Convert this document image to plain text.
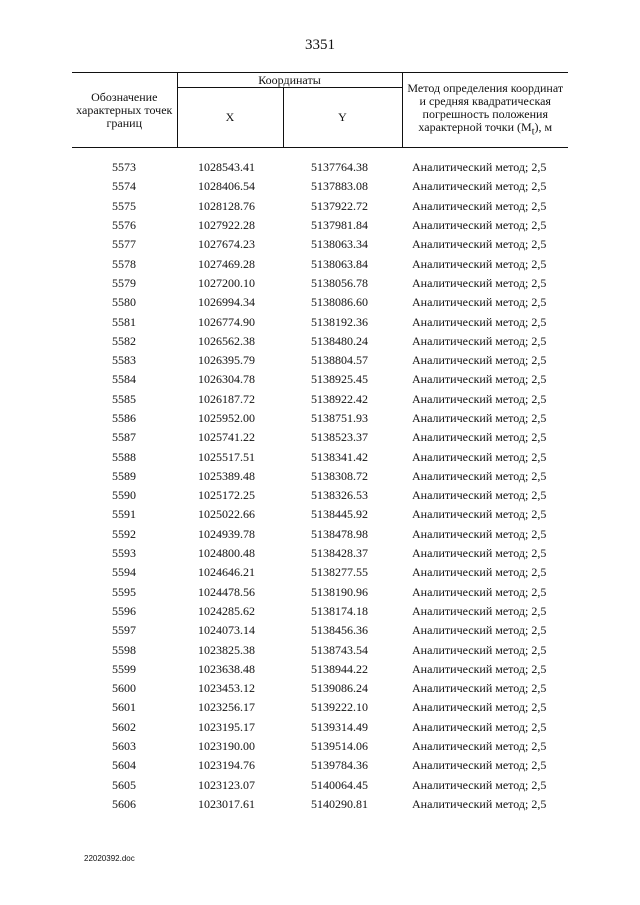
3351
Обозначение характерных точек границ	Координаты		Метод определения координат и средняя квадратическая погрешность положения характерной точки $(M_t)$, м
	X	Y	

5573	1028543.41	5137764.38	Аналитический метод; 2,5
5574	1028406.54	5137883.08	Аналитический метод; 2,5
5575	1028128.76	5137922.72	Аналитический метод; 2,5
5576	1027922.28	5137981.84	Аналитический метод; 2,5
5577	1027674.23	5138063.34	Аналитический метод; 2,5
5578	1027469.28	5138063.84	Аналитический метод; 2,5
5579	1027200.10	5138056.78	Аналитический метод; 2,5
5580	1026994.34	5138086.60	Аналитический метод; 2,5
5581	1026774.90	5138192.36	Аналитический метод; 2,5
5582	1026562.38	5138480.24	Аналитический метод; 2,5
5583	1026395.79	5138804.57	Аналитический метод; 2,5
5584	1026304.78	5138925.45	Аналитический метод; 2,5
5585	1026187.72	5138922.42	Аналитический метод; 2,5
5586	1025952.00	5138751.93	Аналитический метод; 2,5
5587	1025741.22	5138523.37	Аналитический метод; 2,5
5588	1025517.51	5138341.42	Аналитический метод; 2,5
5589	1025389.48	5138308.72	Аналитический метод; 2,5
5590	1025172.25	5138326.53	Аналитический метод; 2,5
5591	1025022.66	5138445.92	Аналитический метод; 2,5
5592	1024939.78	5138478.98	Аналитический метод; 2,5
5593	1024800.48	5138428.37	Аналитический метод; 2,5
5594	1024646.21	5138277.55	Аналитический метод; 2,5
5595	1024478.56	5138190.96	Аналитический метод; 2,5
5596	1024285.62	5138174.18	Аналитический метод; 2,5
5597	1024073.14	5138456.36	Аналитический метод; 2,5
5598	1023825.38	5138743.54	Аналитический метод; 2,5
5599	1023638.48	5138944.22	Аналитический метод; 2,5
5600	1023453.12	5139086.24	Аналитический метод; 2,5
5601	1023256.17	5139222.10	Аналитический метод; 2,5
5602	1023195.17	5139314.49	Аналитический метод; 2,5
5603	1023190.00	5139514.06	Аналитический метод; 2,5
5604	1023194.76	5139784.36	Аналитический метод; 2,5
5605	1023123.07	5140064.45	Аналитический метод; 2,5
5606	1023017.61	5140290.81	Аналитический метод; 2,5
22020392.doc
